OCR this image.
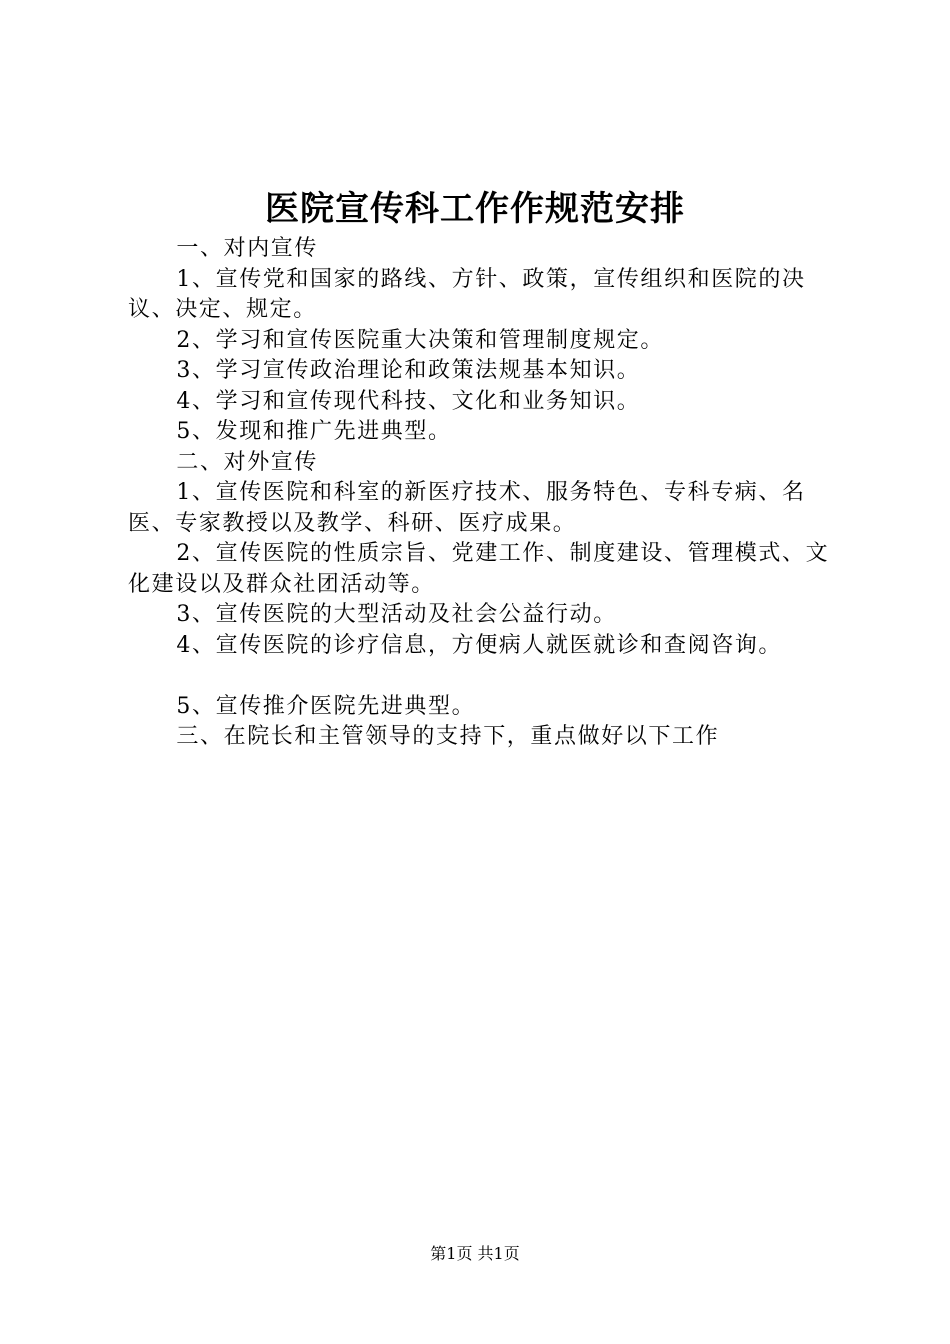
医院宣传科工作作规范安排

一、对内宣传

1、宣传党和国家的路线、方针、政策，宣传组织和医院的决议、决定、规定。

2、学习和宣传医院重大决策和管理制度规定。

3、学习宣传政治理论和政策法规基本知识。

4、学习和宣传现代科技、文化和业务知识。

5、发现和推广先进典型。

二、对外宣传

1、宣传医院和科室的新医疗技术、服务特色、专科专病、名医、专家教授以及教学、科研、医疗成果。

2、宣传医院的性质宗旨、党建工作、制度建设、管理模式、文化建设以及群众社团活动等。

3、宣传医院的大型活动及社会公益行动。

4、宣传医院的诊疗信息，方便病人就医就诊和查阅咨询。

5、宣传推介医院先进典型。

三、在院长和主管领导的支持下，重点做好以下工作

第1页 共1页
